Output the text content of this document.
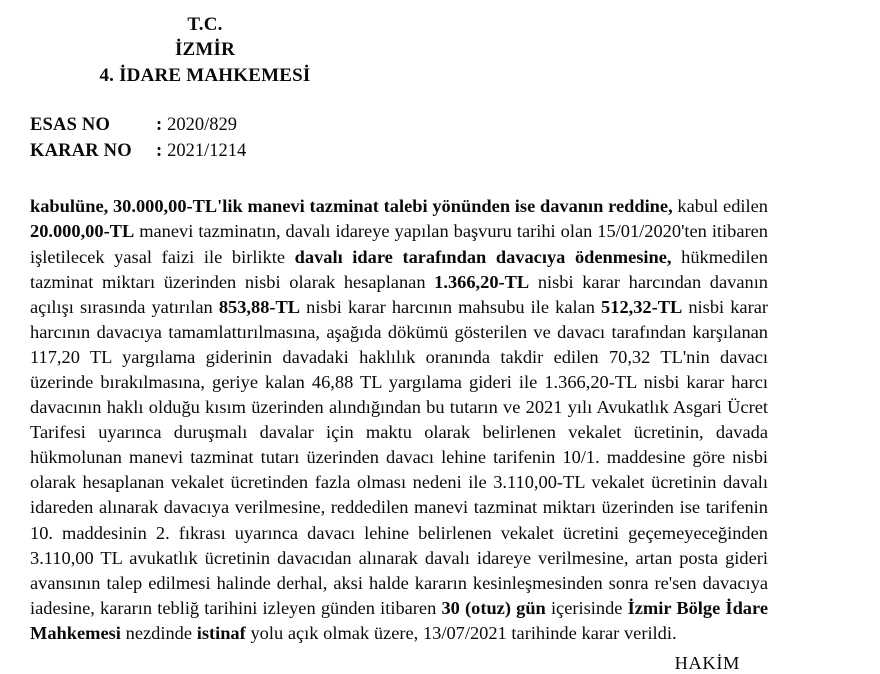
T.C.
İZMİR
4. İDARE MAHKEMESİ
ESAS NO	: 2020/829
KARAR NO	: 2021/1214
kabulüne, 30.000,00-TL'lik manevi tazminat talebi yönünden ise davanın reddine, kabul edilen 20.000,00-TL manevi tazminatın, davalı idareye yapılan başvuru tarihi olan 15/01/2020'ten itibaren işletilecek yasal faizi ile birlikte davalı idare tarafından davacıya ödenmesine, hükmedilen tazminat miktarı üzerinden nisbi olarak hesaplanan 1.366,20-TL nisbi karar harcından davanın açılışı sırasında yatırılan 853,88-TL nisbi karar harcının mahsubu ile kalan 512,32-TL nisbi karar harcının davacıya tamamlattırılmasına, aşağıda dökümü gösterilen ve davacı tarafından karşılanan 117,20 TL yargılama giderinin davadaki haklılık oranında takdir edilen 70,32 TL'nin davacı üzerinde bırakılmasına, geriye kalan 46,88 TL yargılama gideri ile 1.366,20-TL nisbi karar harcı davacının haklı olduğu kısım üzerinden alındığından bu tutarın ve 2021 yılı Avukatlık Asgari Ücret Tarifesi uyarınca duruşmalı davalar için maktu olarak belirlenen vekalet ücretinin, davada hükmolunan manevi tazminat tutarı üzerinden davacı lehine tarifenin 10/1. maddesine göre nisbi olarak hesaplanan vekalet ücretinden fazla olması nedeni ile 3.110,00-TL vekalet ücretinin davalı idareden alınarak davacıya verilmesine, reddedilen manevi tazminat miktarı üzerinden ise tarifenin 10. maddesinin 2. fıkrası uyarınca davacı lehine belirlenen vekalet ücretini geçemeyeceğinden 3.110,00 TL avukatlık ücretinin davacıdan alınarak davalı idareye verilmesine, artan posta gideri avansının talep edilmesi halinde derhal, aksi halde kararın kesinleşmesinden sonra re'sen davacıya iadesine, kararın tebliğ tarihini izleyen günden itibaren 30 (otuz) gün içerisinde İzmir Bölge İdare Mahkemesi nezdinde istinaf yolu açık olmak üzere, 13/07/2021 tarihinde karar verildi.
HAKİM
